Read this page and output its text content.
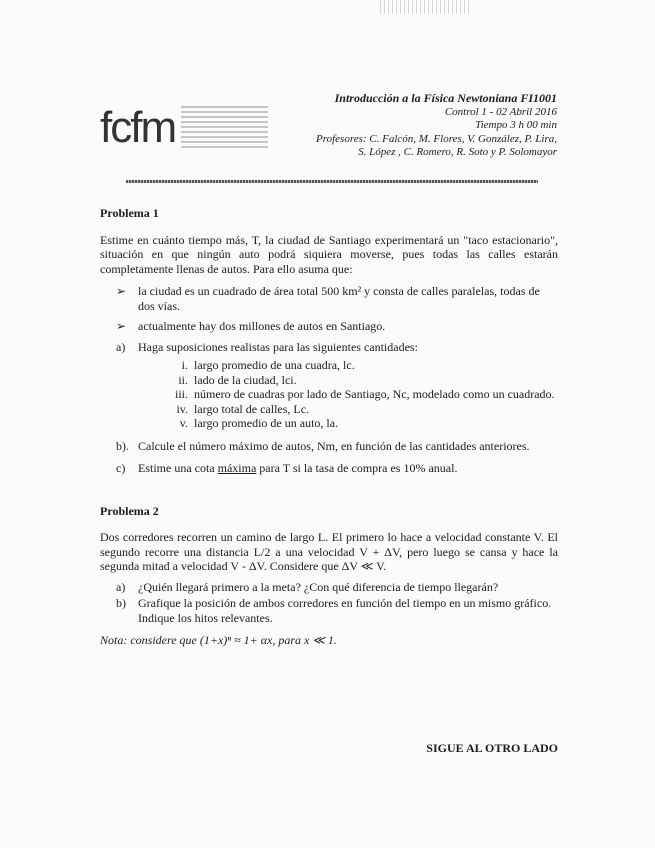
fcfm
Introducción a la Física Newtoniana FI1001
Control 1 - 02 Abril 2016
Tiempo 3 h 00 min
Profesores: C. Falcón, M. Flores, V. González, P. Lira,
S. López , C. Romero, R. Soto y P. Solomayor
Problema 1

Estime en cuánto tiempo más, T, la ciudad de Santiago experimentará un "taco estacionario", situación en que ningún auto podrá siquiera moverse, pues todas las calles estarán completamente llenas de autos. Para ello asuma que:

➢ la ciudad es un cuadrado de área total 500 km² y consta de calles paralelas, todas de dos vías.
➢ actualmente hay dos millones de autos en Santiago.
a) Haga suposiciones realistas para las siguientes cantidades:
i. largo promedio de una cuadra, lc.
ii. lado de la ciudad, lci.
iii. número de cuadras por lado de Santiago, Nc, modelado como un cuadrado.
iv. largo total de calles, Lc.
v. largo promedio de un auto, la.
b). Calcule el número máximo de autos, Nm, en función de las cantidades anteriores.
c) Estime una cota máxima para T si la tasa de compra es 10% anual.
Problema 2

Dos corredores recorren un camino de largo L. El primero lo hace a velocidad constante V. El segundo recorre una distancia L/2 a una velocidad V + ΔV, pero luego se cansa y hace la segunda mitad a velocidad V - ΔV. Considere que ΔV ≪ V.

a) ¿Quién llegará primero a la meta? ¿Con qué diferencia de tiempo llegarán?
b) Grafique la posición de ambos corredores en función del tiempo en un mismo gráfico. Indique los hitos relevantes.

Nota: considere que (1+x)ⁿ ≈ 1+ αx, para x ≪ 1.

SIGUE AL OTRO LADO
